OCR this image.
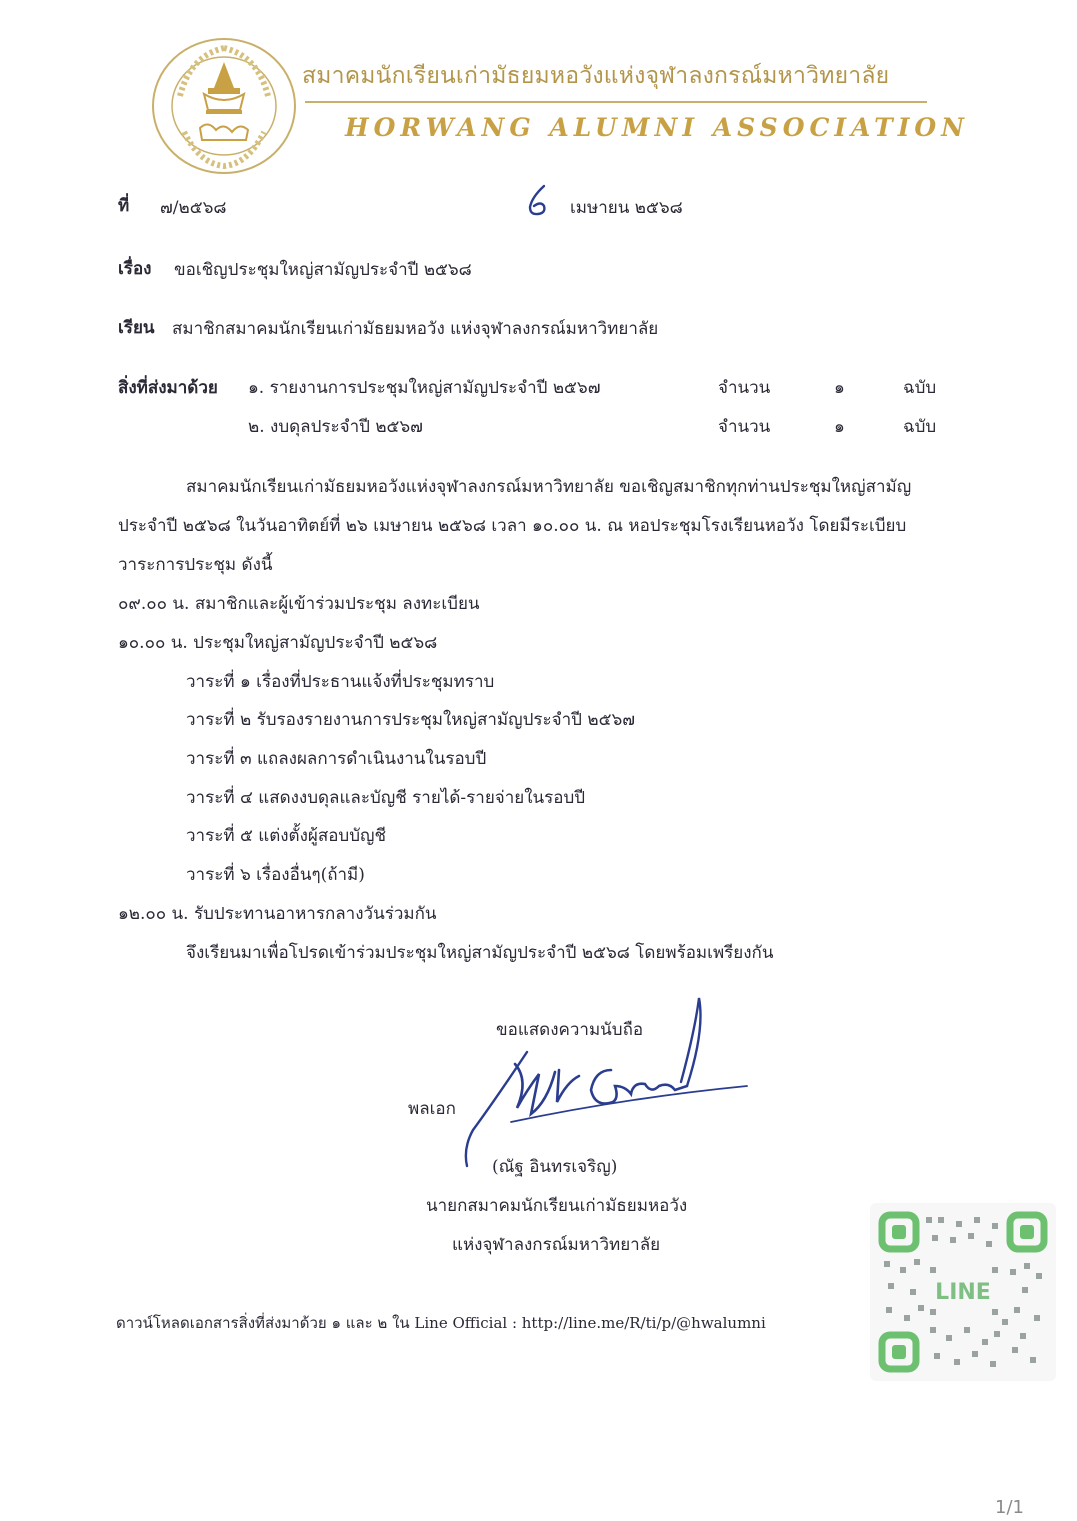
สมาคมนักเรียนเก่ามัธยมหอวังแห่งจุฬาลงกรณ์มหาวิทยาลัย
HORWANG ALUMNI ASSOCIATION
ที่ ๗/๒๕๖๘	เมษายน ๒๕๖๘
เรื่อง ขอเชิญประชุมใหญ่สามัญประจำปี ๒๕๖๘
เรียน สมาชิกสมาคมนักเรียนเก่ามัธยมหอวัง แห่งจุฬาลงกรณ์มหาวิทยาลัย
สิ่งที่ส่งมาด้วย ๑. รายงานการประชุมใหญ่สามัญประจำปี ๒๕๖๗	จำนวน	๑	ฉบับ
๒. งบดุลประจำปี ๒๕๖๗	จำนวน	๑	ฉบับ
สมาคมนักเรียนเก่ามัธยมหอวังแห่งจุฬาลงกรณ์มหาวิทยาลัย ขอเชิญสมาชิกทุกท่านประชุมใหญ่สามัญ
ประจำปี ๒๕๖๘ ในวันอาทิตย์ที่ ๒๖ เมษายน ๒๕๖๘ เวลา ๑๐.๐๐ น. ณ หอประชุมโรงเรียนหอวัง โดยมีระเบียบ
วาระการประชุม ดังนี้
๐๙.๐๐ น. สมาชิกและผู้เข้าร่วมประชุม ลงทะเบียน
๑๐.๐๐ น. ประชุมใหญ่สามัญประจำปี ๒๕๖๘
วาระที่ ๑ เรื่องที่ประธานแจ้งที่ประชุมทราบ
วาระที่ ๒ รับรองรายงานการประชุมใหญ่สามัญประจำปี ๒๕๖๗
วาระที่ ๓ แถลงผลการดำเนินงานในรอบปี
วาระที่ ๔ แสดงงบดุลและบัญชี รายได้-รายจ่ายในรอบปี
วาระที่ ๕ แต่งตั้งผู้สอบบัญชี
วาระที่ ๖ เรื่องอื่นๆ(ถ้ามี)
๑๒.๐๐ น. รับประทานอาหารกลางวันร่วมกัน
จึงเรียนมาเพื่อโปรดเข้าร่วมประชุมใหญ่สามัญประจำปี ๒๕๖๘ โดยพร้อมเพรียงกัน
ขอแสดงความนับถือ
พลเอก
(ณัฐ อินทรเจริญ)
นายกสมาคมนักเรียนเก่ามัธยมหอวัง
แห่งจุฬาลงกรณ์มหาวิทยาลัย
ดาวน์โหลดเอกสารสิ่งที่ส่งมาด้วย ๑ และ ๒ ใน Line Official : http://line.me/R/ti/p/@hwalumni
LINE
1/1
